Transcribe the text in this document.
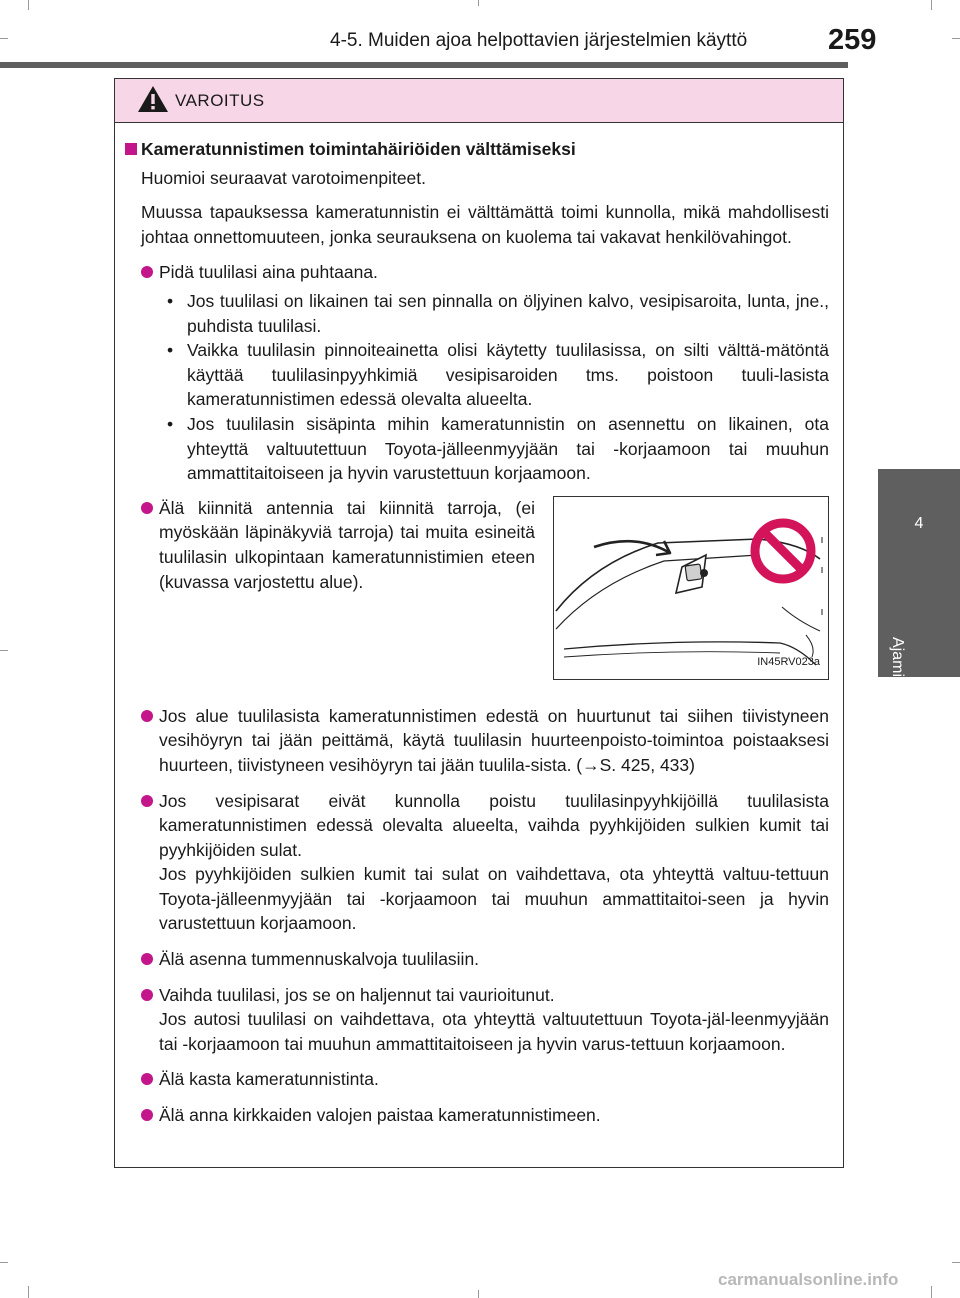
4-5. Muiden ajoa helpottavien järjestelmien käyttö	259
4
Ajaminen
VAROITUS
Kameratunnistimen toimintahäiriöiden välttämiseksi
Huomioi seuraavat varotoimenpiteet.
Muussa tapauksessa kameratunnistin ei välttämättä toimi kunnolla, mikä mahdollisesti johtaa onnettomuuteen, jonka seurauksena on kuolema tai vakavat henkilövahingot.
Pidä tuulilasi aina puhtaana.
• Jos tuulilasi on likainen tai sen pinnalla on öljyinen kalvo, vesipisaroita, lunta, jne., puhdista tuulilasi.
• Vaikka tuulilasin pinnoiteainetta olisi käytetty tuulilasissa, on silti välttä-mätöntä käyttää tuulilasinpyyhkimiä vesipisaroiden tms. poistoon tuuli-lasista kameratunnistimen edessä olevalta alueelta.
• Jos tuulilasin sisäpinta mihin kameratunnistin on asennettu on likainen, ota yhteyttä valtuutettuun Toyota-jälleenmyyjään tai -korjaamoon tai muuhun ammattitaitoiseen ja hyvin varustettuun korjaamoon.
Älä kiinnitä antennia tai kiinnitä tarroja, (ei myöskään läpinäkyviä tarroja) tai muita esineitä tuulilasin ulkopintaan kameratunnistimien eteen (kuvassa varjostettu alue).
IN45RV023a
Jos alue tuulilasista kameratunnistimen edestä on huurtunut tai siihen tiivistyneen vesihöyryn tai jään peittämä, käytä tuulilasin huurteenpoisto-toimintoa poistaaksesi huurteen, tiivistyneen vesihöyryn tai jään tuulila-sista. (→S. 425, 433)
Jos vesipisarat eivät kunnolla poistu tuulilasinpyyhkijöillä tuulilasista kameratunnistimen edessä olevalta alueelta, vaihda pyyhkijöiden sulkien kumit tai pyyhkijöiden sulat.
Jos pyyhkijöiden sulkien kumit tai sulat on vaihdettava, ota yhteyttä valtuu-tettuun Toyota-jälleenmyyjään tai -korjaamoon tai muuhun ammattitaitoi-seen ja hyvin varustettuun korjaamoon.
Älä asenna tummennuskalvoja tuulilasiin.
Vaihda tuulilasi, jos se on haljennut tai vaurioitunut.
Jos autosi tuulilasi on vaihdettava, ota yhteyttä valtuutettuun Toyota-jäl-leenmyyjään tai -korjaamoon tai muuhun ammattitaitoiseen ja hyvin varus-tettuun korjaamoon.
Älä kasta kameratunnistinta.
Älä anna kirkkaiden valojen paistaa kameratunnistimeen.
carmanualsonline.info
